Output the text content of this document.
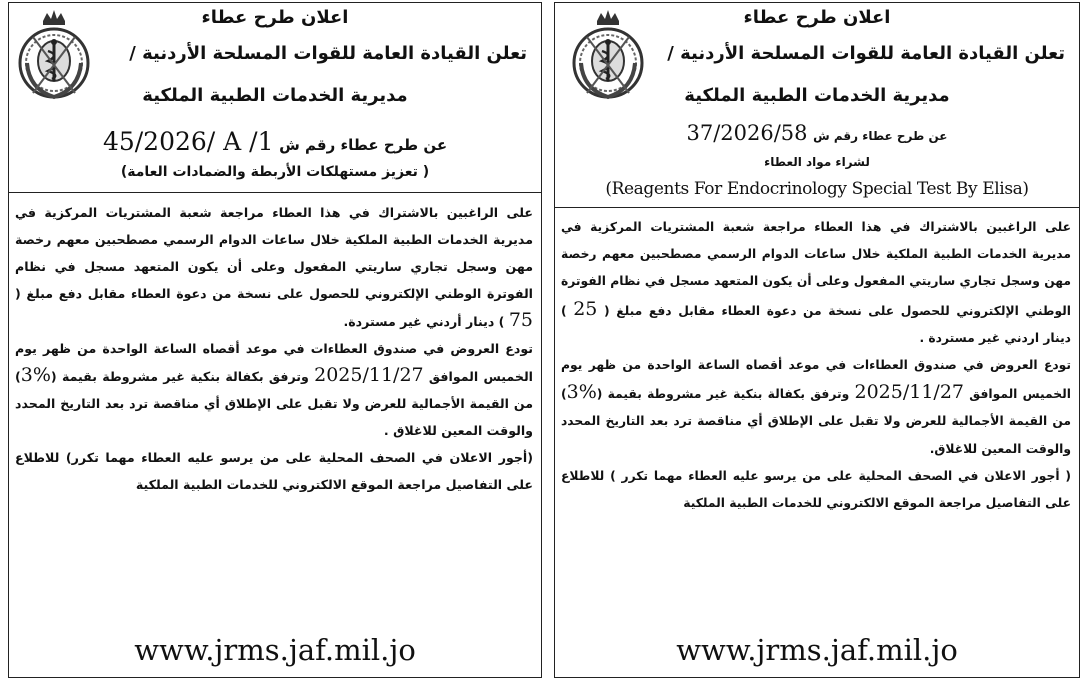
اعلان طرح عطاء
تعلن القيادة العامة للقوات المسلحة الأردنية /
مديرية الخدمات الطبية الملكية
عن طرح عطاء رقم ش 45/2026/ A /1
( تعزيز مستهلكات الأربطة والضمادات العامة)

على الراغبين بالاشتراك في هذا العطاء مراجعة شعبة المشتريات المركزية في مديرية الخدمات الطبية الملكية خلال ساعات الدوام الرسمي مصطحبين معهم رخصة مهن وسجل تجاري ساريتي المفعول وعلى أن يكون المتعهد مسجل في نظام الفوترة الوطني الإلكتروني للحصول على نسخة من دعوة العطاء مقابل دفع مبلغ ( 75 ) دينار أردني غير مستردة.

تودع العروض في صندوق العطاءات في موعد أقصاه الساعة الواحدة من ظهر يوم الخميس الموافق 2025/11/27 وترفق بكفالة بنكية غير مشروطة بقيمة (3%) من القيمة الأجمالية للعرض ولا تقبل على الإطلاق أي مناقصة ترد بعد التاريخ المحدد والوقت المعين للاغلاق .

(أجور الاعلان في الصحف المحلية على من يرسو عليه العطاء مهما تكرر) للاطلاع على التفاصيل مراجعة الموقع الالكتروني للخدمات الطبية الملكية

www.jrms.jaf.mil.jo
اعلان طرح عطاء
تعلن القيادة العامة للقوات المسلحة الأردنية /
مديرية الخدمات الطبية الملكية
عن طرح عطاء رقم ش 37/2026/58
لشراء مواد العطاء
(Reagents For Endocrinology Special Test By Elisa)

على الراغبين بالاشتراك في هذا العطاء مراجعة شعبة المشتريات المركزية في مديرية الخدمات الطبية الملكية خلال ساعات الدوام الرسمي مصطحبين معهم رخصة مهن وسجل تجاري ساريتي المفعول وعلى أن يكون المتعهد مسجل في نظام الفوترة الوطني الإلكتروني للحصول على نسخة من دعوة العطاء مقابل دفع مبلغ ( 25 ) دينار اردني غير مستردة .

تودع العروض في صندوق العطاءات في موعد أقصاه الساعة الواحدة من ظهر يوم الخميس الموافق 2025/11/27 وترفق بكفالة بنكية غير مشروطة بقيمة (3%) من القيمة الأجمالية للعرض ولا تقبل على الإطلاق أي مناقصة ترد بعد التاريخ المحدد والوقت المعين للاغلاق.

( أجور الاعلان في الصحف المحلية على من يرسو عليه العطاء مهما تكرر ) للاطلاع على التفاصيل مراجعة الموقع الالكتروني للخدمات الطبية الملكية

www.jrms.jaf.mil.jo
